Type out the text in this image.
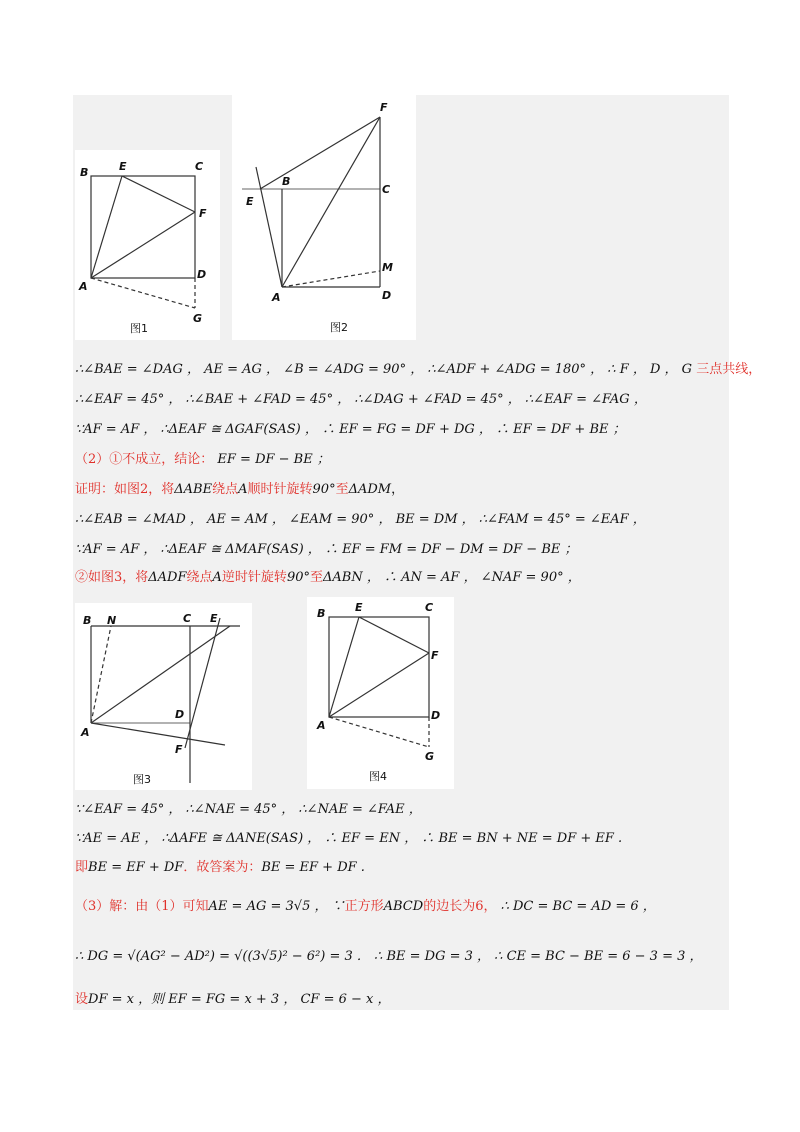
B	E	C
F
A
D
G
图1
F
B
C
E
M
A	D
图2
∴∠BAE = ∠DAG ， AE = AG ， ∠B = ∠ADG = 90° ， ∴∠ADF + ∠ADG = 180° ， ∴ F ， D ， G 三点共线，
∴∠EAF = 45° ， ∴∠BAE + ∠FAD = 45° ， ∴∠DAG + ∠FAD = 45° ， ∴∠EAF = ∠FAG ，
∵AF = AF ， ∴ΔEAF ≅ ΔGAF(SAS) ， ∴ EF = FG = DF + DG ， ∴ EF = DF + BE ；
（2）①不成立，结论： EF = DF − BE ；
证明：如图2，将ΔABE绕点A顺时针旋转90°至ΔADM，
∴∠EAB = ∠MAD ， AE = AM ， ∠EAM = 90° ， BE = DM ， ∴∠FAM = 45° = ∠EAF ，
∵AF = AF ， ∴ΔEAF ≅ ΔMAF(SAS) ， ∴ EF = FM = DF − DM = DF − BE ；
②如图3，将ΔADF绕点A逆时针旋转90°至ΔABN ， ∴ AN = AF ， ∠NAF = 90° ，
B N	C E
D
A
F
图3
B	E	C
F
A
D
G
图4
∵∠EAF = 45° ， ∴∠NAE = 45° ， ∴∠NAE = ∠FAE ，
∵AE = AE ， ∴ΔAFE ≅ ΔANE(SAS) ， ∴ EF = EN ， ∴ BE = BN + NE = DF + EF .
即BE = EF + DF．故答案为：BE = EF + DF .
（3）解：由（1）可知AE = AG = 3√5 ， ∵正方形ABCD的边长为6， ∴ DC = BC = AD = 6 ，
∴ DG = √(AG² − AD²) = √((3√5)² − 6²) = 3 ． ∴ BE = DG = 3 ， ∴ CE = BC − BE = 6 − 3 = 3 ，
设DF = x ，则 EF = FG = x + 3 ， CF = 6 − x ，
